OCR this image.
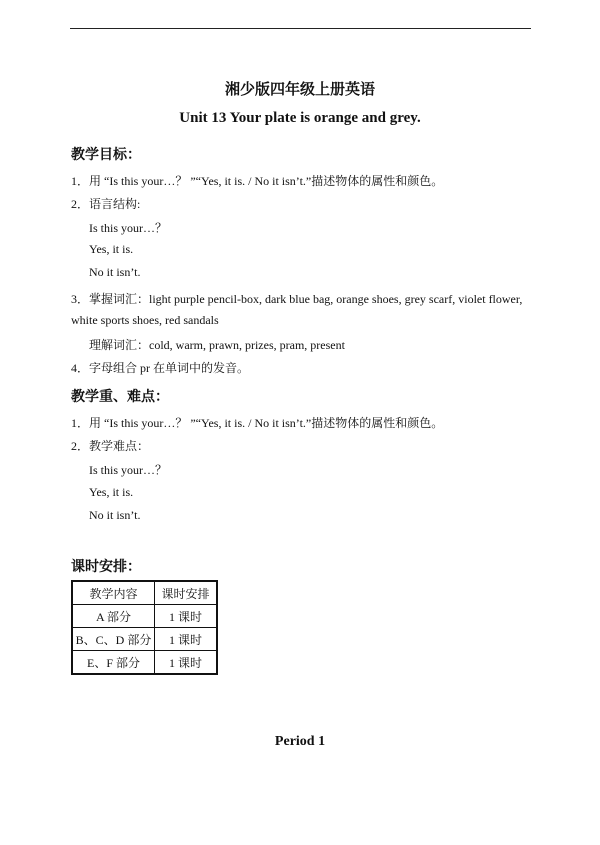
湘少版四年级上册英语
Unit 13 Your plate is orange and grey.
教学目标：
1．用 “Is this your…？ ”“Yes, it is. / No it isn’t.”描述物体的属性和颜色。
2．语言结构:
Is this your…？
Yes, it is.
No it isn’t.
3．掌握词汇：light purple pencil-box, dark blue bag, orange shoes, grey scarf, violet flower,
white sports shoes, red sandals
理解词汇：cold, warm, prawn, prizes, pram, present
4．字母组合 pr 在单词中的发音。
教学重、难点：
1．用 “Is this your…？ ”“Yes, it is. / No it isn’t.”描述物体的属性和颜色。
2．教学难点：
Is this your…？
Yes, it is.
No it isn’t.
课时安排：
教学内容	课时安排
A 部分	1 课时
B、C、D 部分	1 课时
E、F 部分	1 课时
Period 1
